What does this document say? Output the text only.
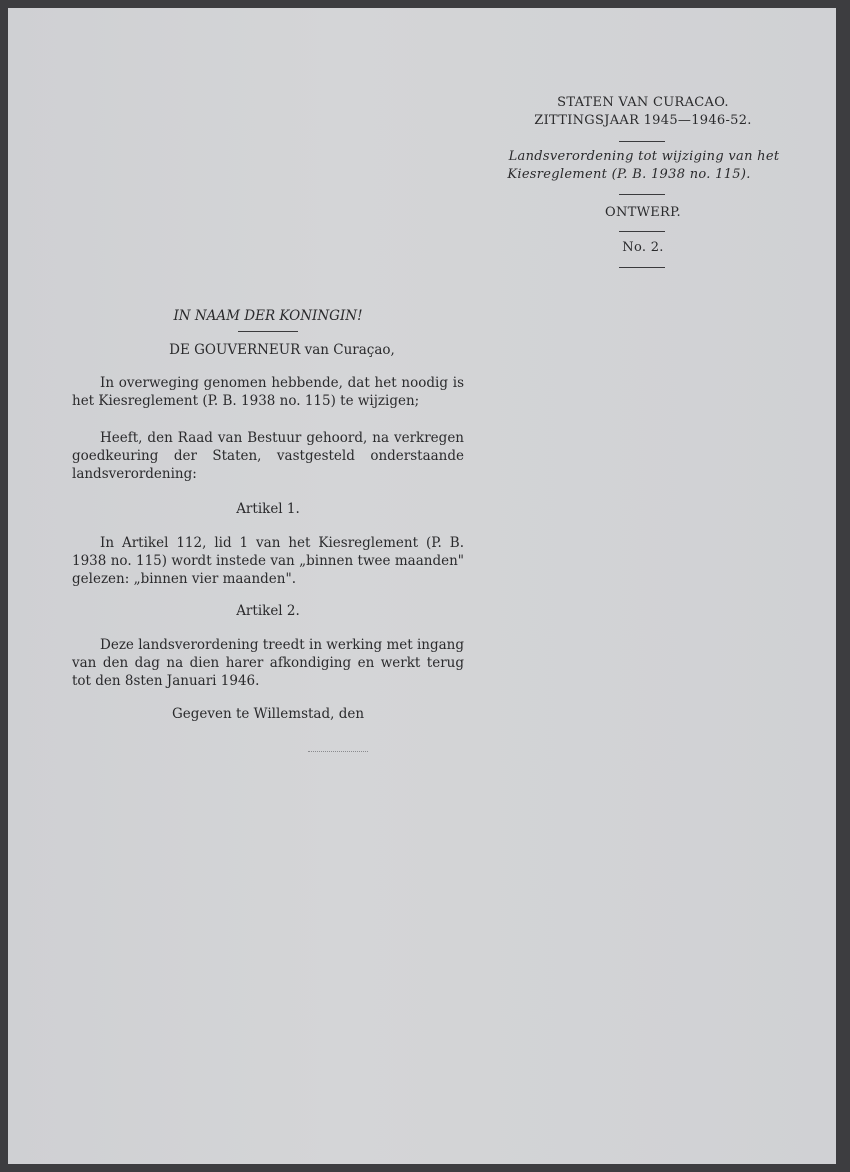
STATEN VAN CURACAO.
ZITTINGSJAAR 1945—1946-52.
Landsverordening tot wijziging van het
Kiesreglement (P. B. 1938 no. 115).
ONTWERP.
No. 2.
IN NAAM DER KONINGIN!
DE GOUVERNEUR van Curaçao,
In overweging genomen hebbende, dat het noodig is het Kiesreglement (P. B. 1938 no. 115) te wijzigen;
Heeft, den Raad van Bestuur gehoord, na verkregen goedkeuring der Staten, vastgesteld onderstaande landsverordening:
Artikel 1.
In Artikel 112, lid 1 van het Kiesreglement (P. B. 1938 no. 115) wordt instede van „binnen twee maanden" gelezen: „binnen vier maanden".
Artikel 2.
Deze landsverordening treedt in werking met ingang van den dag na dien harer afkondiging en werkt terug tot den 8sten Januari 1946.
Gegeven te Willemstad, den
